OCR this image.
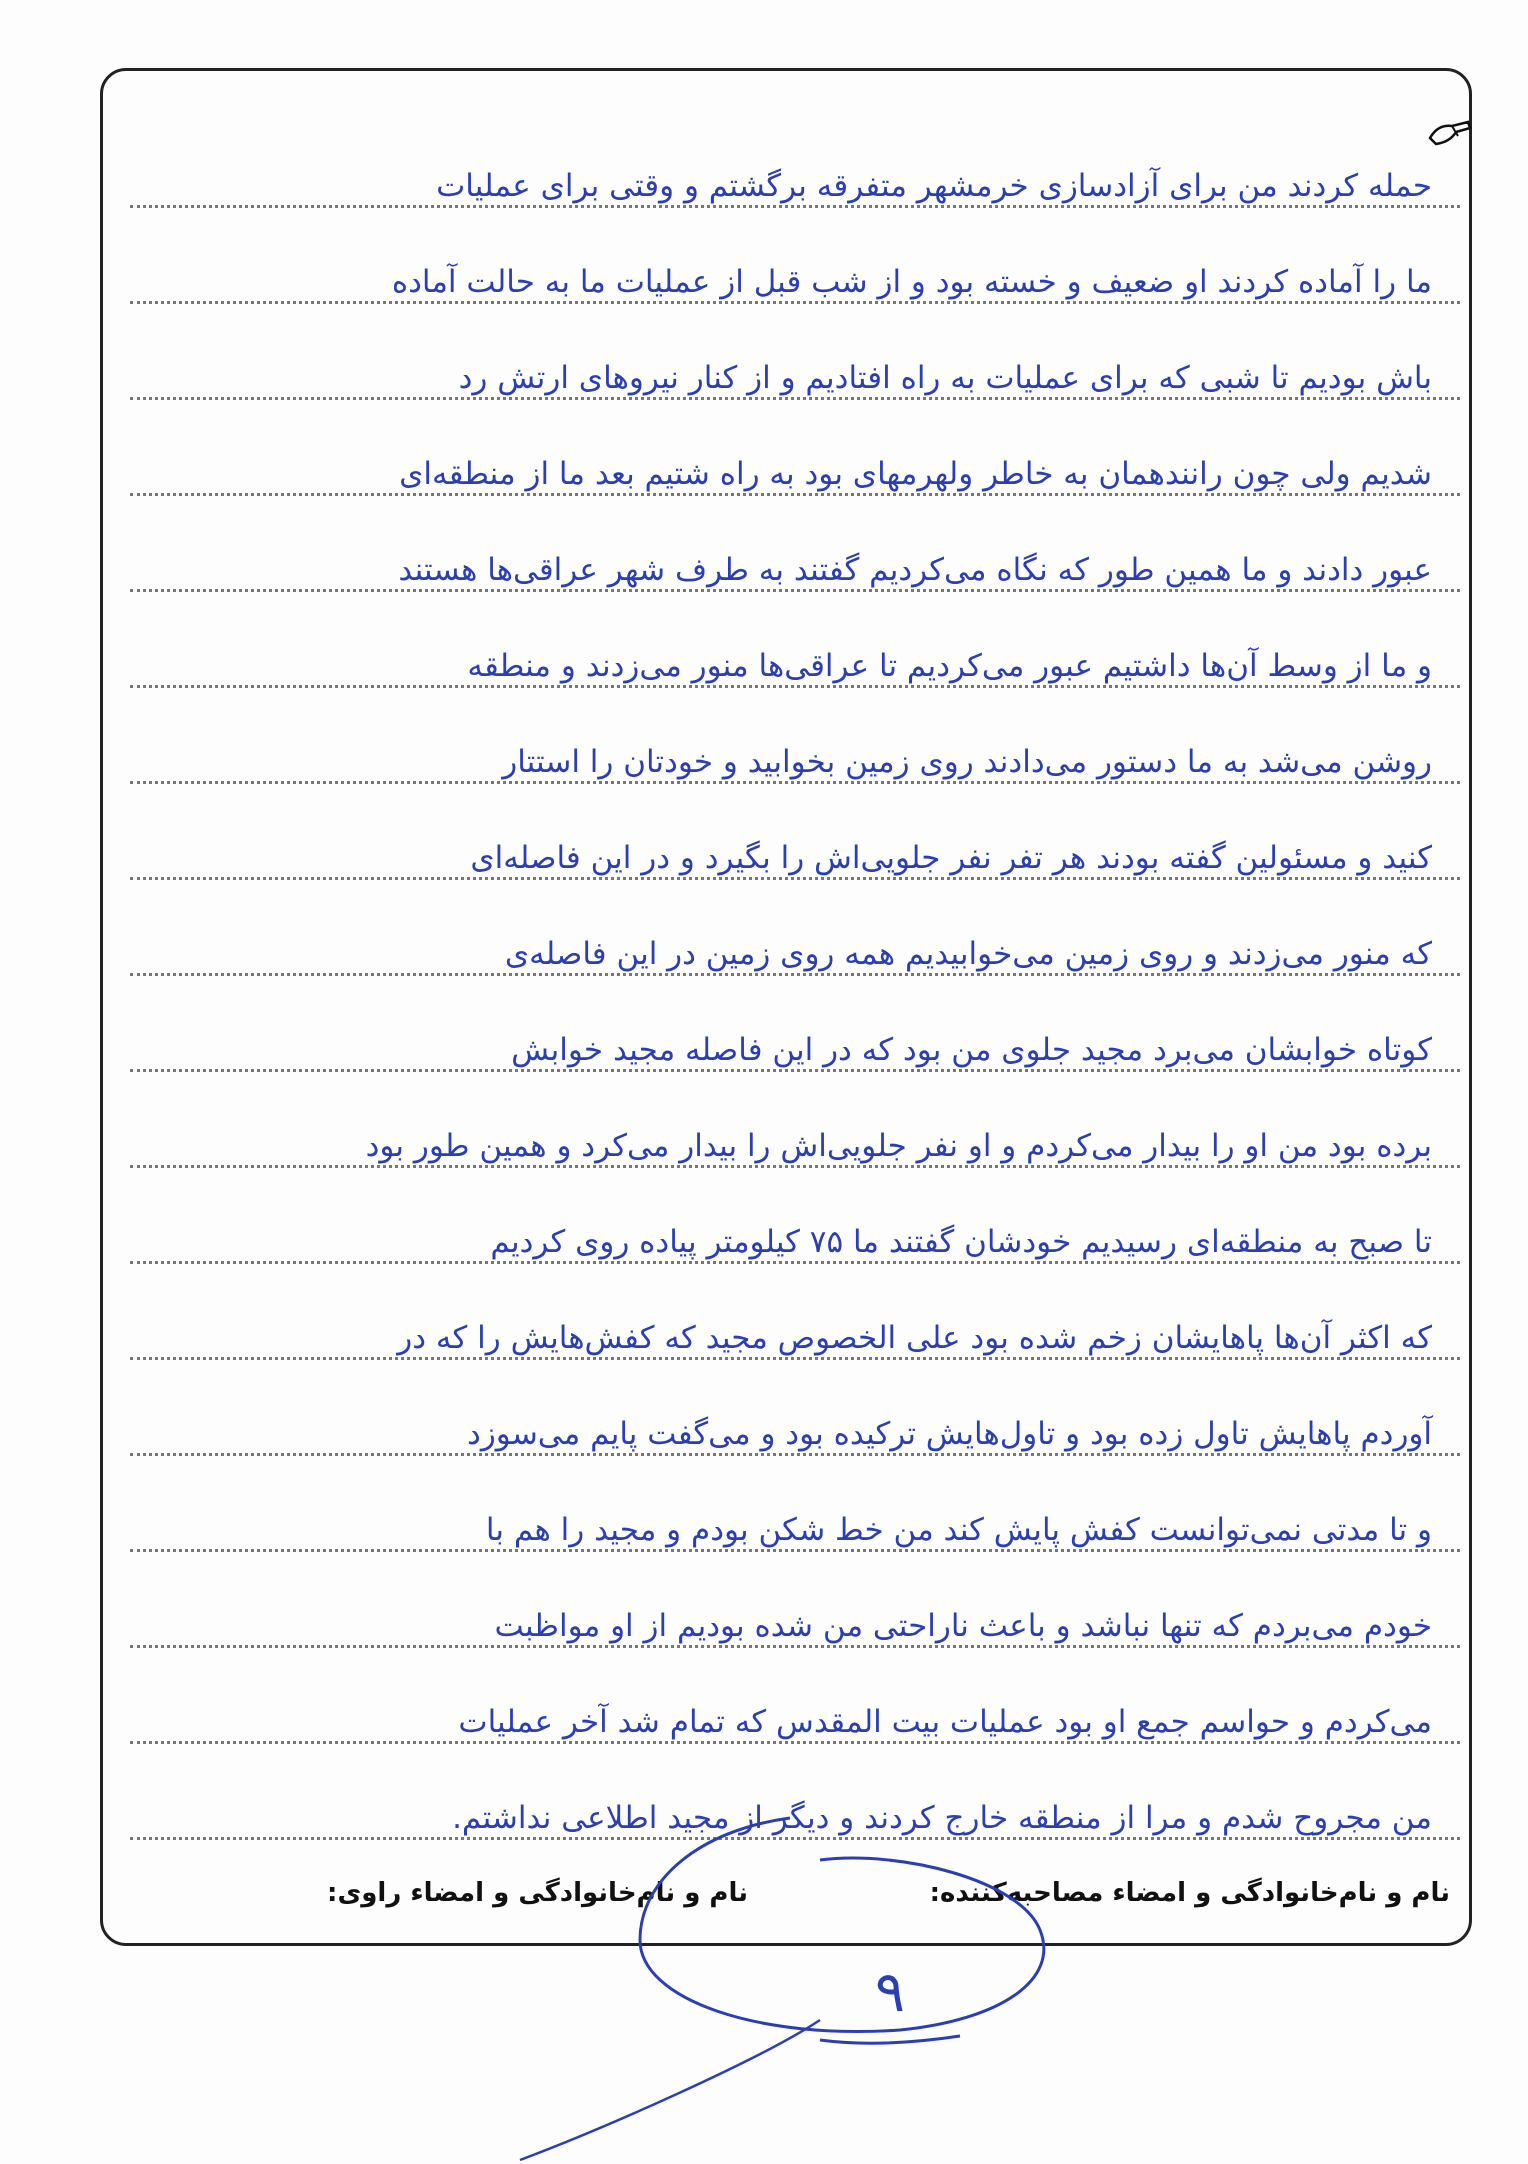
حمله کردند من برای آزادسازی خرمشهر متفرقه برگشتم و وقتی برای عملیات
ما را آماده کردند او ضعیف و خسته بود و از شب قبل از عملیات ما به حالت آماده
باش بودیم تا شبی که برای عملیات به راه افتادیم و از کنار نیروهای ارتش رد
شدیم ولی چون رانندهمان به خاطر ولهرمهای بود به راه شتیم بعد ما از منطقه‌ای
عبور دادند و ما همین طور که نگاه می‌کردیم گفتند به طرف شهر عراقی‌ها هستند
و ما از وسط آن‌ها داشتیم عبور می‌کردیم تا عراقی‌ها منور می‌زدند و منطقه
روشن می‌شد به ما دستور می‌دادند روی زمین بخوابید و خودتان را استتار
کنید و مسئولین گفته بودند هر تفر نفر جلویی‌اش را بگیرد و در این فاصله‌ای
که منور می‌زدند و روی زمین می‌خوابیدیم همه روی زمین در این فاصله‌ی
کوتاه خوابشان می‌برد مجید جلوی من بود که در این فاصله مجید خوابش
برده بود من او را بیدار می‌کردم و او نفر جلویی‌اش را بیدار می‌کرد و همین طور بود
تا صبح به منطقه‌ای رسیدیم خودشان گفتند ما ۷۵ کیلومتر پیاده روی کردیم
که اکثر آن‌ها پاهایشان زخم شده بود علی الخصوص مجید که کفش‌هایش را که در
آوردم پاهایش تاول زده بود و تاول‌هایش ترکیده بود و می‌گفت پایم می‌سوزد
و تا مدتی نمی‌توانست کفش پایش کند من خط شکن بودم و مجید را هم با
خودم می‌بردم که تنها نباشد و باعث ناراحتی من شده بودیم از او مواظبت
می‌کردم و حواسم جمع او بود عملیات بیت المقدس که تمام شد آخر عملیات
من مجروح شدم و مرا از منطقه خارج کردند و دیگر از مجید اطلاعی نداشتم.
نام و نام‌خانوادگی و امضاء مصاحبه‌کننده:
نام و نام‌خانوادگی و امضاء راوی:
۹
